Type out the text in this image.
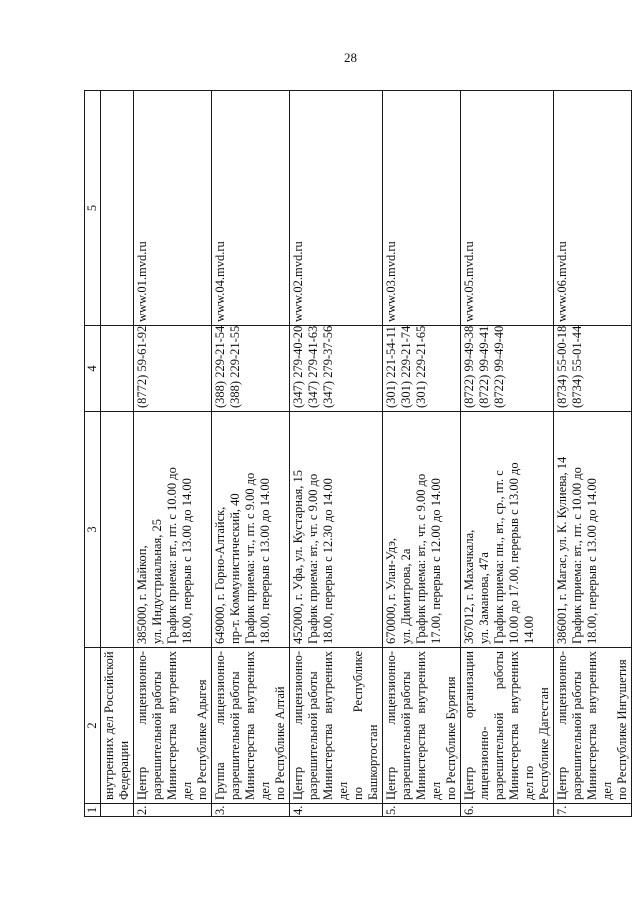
28
1	2	3	4	5

	внутренних дел Российской Федерации			

2.	Центр лицензионно-разрешительной работы Министерства внутренних дел по Республике Адыгея	385000, г. Майкоп, ул. Индустриальная, 25 График приема: вт., пт. с 10.00 до 18.00, перерыв с 13.00 до 14.00	(8772) 59-61-92	www.01.mvd.ru
3.	Группа лицензионно-разрешительной работы Министерства внутренних дел по Республике Алтай	649000, г. Горно-Алтайск, пр-т. Коммунистический, 40 График приема: чт., пт. с 9.00 до 18.00, перерыв с 13.00 до 14.00	(388) 229-21-54 (388) 229-21-55	www.04.mvd.ru
4.	Центр лицензионно-разрешительной работы Министерства внутренних дел по Республике Башкортостан	452000, г. Уфа, ул. Кустарная, 15 График приема: вт., чт. с 9.00 до 18.00, перерыв с 12.30 до 14.00	(347) 279-40-20 (347) 279-41-63 (347) 279-37-56	www.02.mvd.ru
5.	Центр лицензионно-разрешительной работы Министерства внутренних дел по Республике Бурятия	670000, г. Улан-Удэ, ул. Димитрова, 2а График приема: вт., чт. с 9.00 до 17.00, перерыв с 12.00 до 14.00	(301) 221-54-11 (301) 229-21-74 (301) 229-21-65	www.03.mvd.ru
6.	Центр организации лицензионно-разрешительной работы Министерства внутренних дел по Республике Дагестан	367012, г. Махачкала, ул. Заманова, 47а График приема: пн., вт., ср., пт. с 10.00 до 17.00, перерыв с 13.00 до 14.00	(8722) 99-49-38 (8722) 99-49-41 (8722) 99-49-40	www.05.mvd.ru
7.	Центр лицензионно-разрешительной работы Министерства внутренних дел по Республике Ингушетия	386001, г. Магас, ул. К. Кулиева, 14 График приема: вт., пт. с 10.00 до 18.00, перерыв с 13.00 до 14.00	(8734) 55-00-18 (8734) 55-01-44	www.06.mvd.ru
